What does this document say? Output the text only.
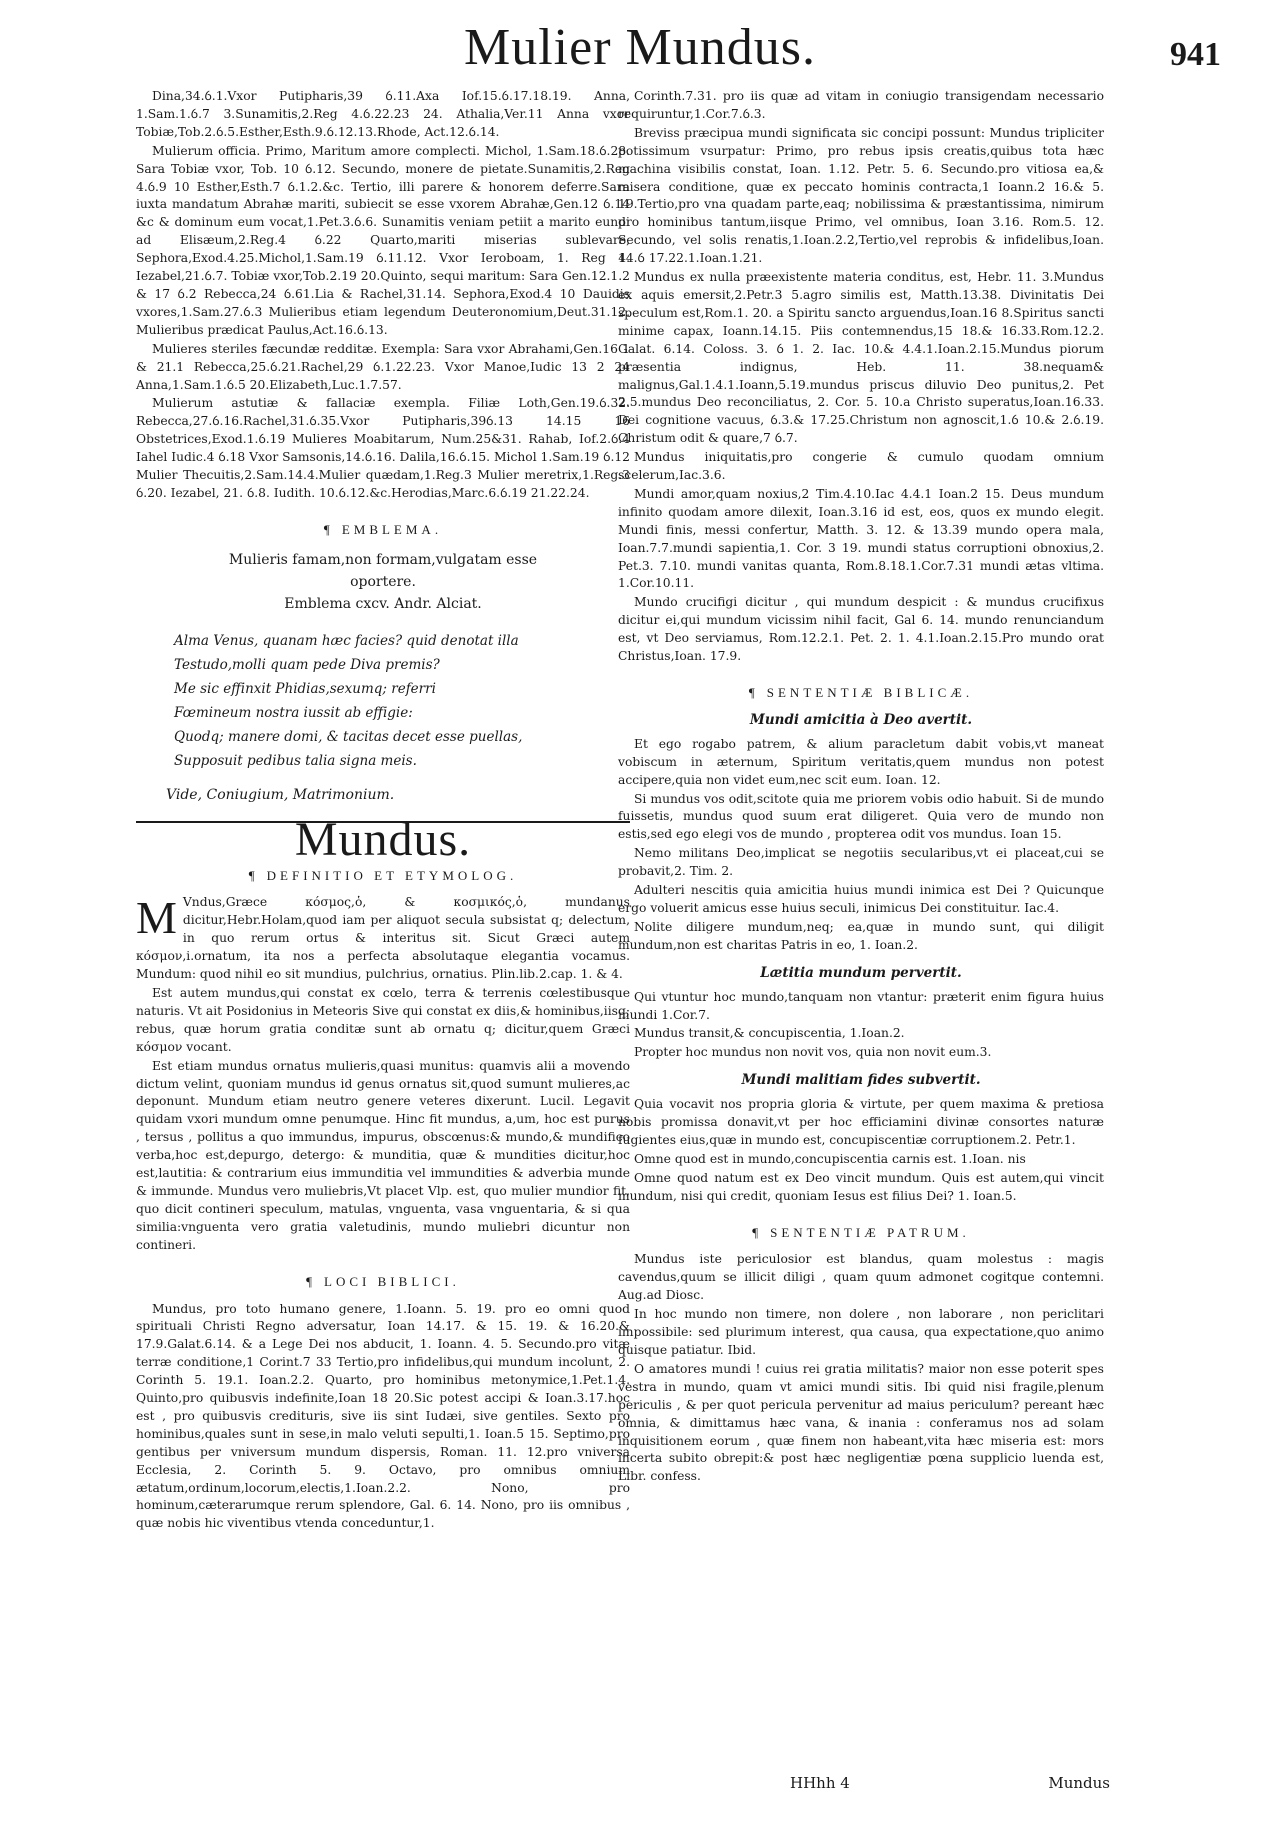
Mulier Mundus.	941

Dina,34.ỽ.1.Vxor Putipharis,39 ỽ.11.Axa Iof.15.ỽ.17.18.19. Anna, 1.Sam.1.ỽ.7 3.Sunamitis,2.Reg 4.ỽ.22.23 24. Athalia,Ver.11 Anna vxor Tobiæ,Tob.2.ỽ.5.Esther,Esth.9.ỽ.12.13.Rhode, Act.12.ỽ.14.

Mulierum officia. Primo, Maritum amore complecti. Michol, 1.Sam.18.ỽ.28. Sara Tobiæ vxor, Tob. 10 ỽ.12. Secundo, monere de pietate.Sunamitis,2.Reg 4.ỽ.9 10 Esther,Esth.7 ỽ.1.2.&c. Tertio, illi parere & honorem deferre.Sara iuxta mandatum Abrahæ mariti, subiecit se esse vxorem Abrahæ,Gen.12 ỽ.14 &c & dominum eum vocat,1.Pet.3.ỽ.6. Sunamitis veniam petiit a marito eundi ad Elisæum,2.Reg.4 ỽ.22 Quarto,mariti miserias sublevare, Sephora,Exod.4.25.Michol,1.Sam.19 ỽ.11.12. Vxor Ieroboam, 1. Reg 4. Iezabel,21.ỽ.7. Tobiæ vxor,Tob.2.19 20.Quinto, sequi maritum: Sara Gen.12.1.2 & 17 ỽ.2 Rebecca,24 ỽ.61.Lia & Rachel,31.14. Sephora,Exod.4 10 Dauidis vxores,1.Sam.27.ỽ.3 Mulieribus etiam legendum Deuteronomium,Deut.31.12. Mulieribus prædicat Paulus,Act.16.ỽ.13.

Mulieres steriles fæcundæ redditæ. Exempla: Sara vxor Abrahami,Gen.16 1 & 21.1 Rebecca,25.ỽ.21.Rachel,29 ỽ.1.22.23. Vxor Manoe,Iudic 13 2 24 Anna,1.Sam.1.ỽ.5 20.Elizabeth,Luc.1.7.57.

Mulierum astutiæ & fallaciæ exempla. Filiæ Loth,Gen.19.ỽ.32. Rebecca,27.ỽ.16.Rachel,31.ỽ.35.Vxor Putipharis,39ỽ.13 14.15 16 Obstetrices,Exod.1.ỽ.19 Mulieres Moabitarum, Num.25&31. Rahab, Iof.2.ỽ.4 Iahel Iudic.4 ỽ.18 Vxor Samsonis,14.ỽ.16. Dalila,16.ỽ.15. Michol 1.Sam.19 ỽ.12 Mulier Thecuitis,2.Sam.14.4.Mulier quædam,1.Reg.3 Mulier meretrix,1.Reg.3 ỽ.20. Iezabel, 21. ỽ.8. Iudith. 10.ỽ.12.&c.Herodias,Marc.6.ỽ.19 21.22.24.

¶ EMBLEMA.
Mulieris famam,non formam,vulgatam esse
oportere.
Emblema cxcv. Andr. Alciat.
Alma Venus, quanam hæc facies? quid denotat illa
Testudo,molli quam pede Diva premis?
Me sic effinxit Phidias,sexumq; referri
Fœmineum nostra iussit ab effigie:
Quodq; manere domi, & tacitas decet esse puellas,
Supposuit pedibus talia signa meis.
Vide, Coniugium, Matrimonium.
Mundus.
¶ DEFINITIO ET ETYMOLOG.

M Vndus,Græce κόσμος,ὁ, & κοσμικός,ὁ, mundanus dicitur,Hebr.Holam,quod iam per aliquot secula subsistat q; delectum, in quo rerum ortus & interitus sit. Sicut Græci autem κόσμον,i.ornatum, ita nos a perfecta absolutaque elegantia vocamus. Mundum: quod nihil eo sit mundius, pulchrius, ornatius. Plin.lib.2.cap. 1. & 4.

Est autem mundus,qui constat ex cœlo, terra & terrenis cœlestibusque naturis. Vt ait Posidonius in Meteoris Sive qui constat ex diis,& hominibus,iisq; rebus, quæ horum gratia conditæ sunt ab ornatu q; dicitur,quem Græci κόσμον vocant.

Est etiam mundus ornatus mulieris,quasi munitus: quamvis alii a movendo dictum velint, quoniam mundus id genus ornatus sit,quod sumunt mulieres,ac deponunt. Mundum etiam neutro genere veteres dixerunt. Lucil. Legavit quidam vxori mundum omne penumque. Hinc fit mundus, a,um, hoc est purus , tersus , pollitus a quo immundus, impurus, obscœnus:& mundo,& mundifico verba,hoc est,depurgo, detergo: & munditia, quæ & mundities dicitur,hoc est,lautitia: & contrarium eius immunditia vel immundities & adverbia munde & immunde. Mundus vero muliebris,Vt placet Vlp. est, quo mulier mundior fit, quo dicit contineri speculum, matulas, vnguenta, vasa vnguentaria, & si qua similia:vnguenta vero gratia valetudinis, mundo muliebri dicuntur non contineri.

¶ LOCI BIBLICI.

Mundus, pro toto humano genere, 1.Ioann. 5. 19. pro eo omni quod spirituali Christi Regno adversatur, Ioan 14.17. & 15. 19. & 16.20.& 17.9.Galat.6.14. & a Lege Dei nos abducit, 1. Ioann. 4. 5. Secundo.pro vitæ terræ conditione,1 Corint.7 33 Tertio,pro infidelibus,qui mundum incolunt, 2. Corinth 5. 19.1. Ioan.2.2. Quarto, pro hominibus metonymice,1.Pet.1.4. Quinto,pro quibusvis indefinite,Ioan 18 20.Sic potest accipi & Ioan.3.17.hoc est , pro quibusvis credituris, sive iis sint Iudæi, sive gentiles. Sexto pro hominibus,quales sunt in sese,in malo veluti sepulti,1. Ioan.5 15. Septimo,pro gentibus per vniversum mundum dispersis, Roman. 11. 12.pro vniversa Ecclesia, 2. Corinth 5. 9. Octavo, pro omnibus omnium ætatum,ordinum,locorum,electis,1.Ioan.2.2. Nono, pro hominum,cæterarumque rerum splendore, Gal. 6. 14. Nono, pro iis omnibus , quæ nobis hic viventibus vtenda conceduntur,1.

Corinth.7.31. pro iis quæ ad vitam in coniugio transigendam necessario requiruntur,1.Cor.7.ỽ.3.

Breviss præcipua mundi significata sic concipi possunt: Mundus tripliciter potissimum vsurpatur: Primo, pro rebus ipsis creatis,quibus tota hæc machina visibilis constat, Ioan. 1.12. Petr. 5. 6. Secundo.pro vitiosa ea,& misera conditione, quæ ex peccato hominis contracta,1 Ioann.2 16.& 5. 19.Tertio,pro vna quadam parte,eaq; nobilissima & præstantissima, nimirum pro hominibus tantum,iisque Primo, vel omnibus, Ioan 3.16. Rom.5. 12. Secundo, vel solis renatis,1.Ioan.2.2,Tertio,vel reprobis & infidelibus,Ioan. 14.ỽ 17.22.1.Ioan.1.21.

Mundus ex nulla præexistente materia conditus, est, Hebr. 11. 3.Mundus ex aquis emersit,2.Petr.3 5.agro similis est, Matth.13.38. Divinitatis Dei speculum est,Rom.1. 20. a Spiritu sancto arguendus,Ioan.16 8.Spiritus sancti minime capax, Ioann.14.15. Piis contemnendus,15 18.& 16.33.Rom.12.2. Galat. 6.14. Coloss. 3. ỽ 1. 2. Iac. 10.& 4.4.1.Ioan.2.15.Mundus piorum præsentia indignus, Heb. 11. 38.nequam& malignus,Gal.1.4.1.Ioann,5.19.mundus priscus diluvio Deo punitus,2. Pet 2.5.mundus Deo reconciliatus, 2. Cor. 5. 10.a Christo superatus,Ioan.16.33. Dei cognitione vacuus, ỽ.3.& 17.25.Christum non agnoscit,1.ỽ 10.& 2.ỽ.19. Christum odit & quare,7 ỽ.7.

Mundus iniquitatis,pro congerie & cumulo quodam omnium scelerum,Iac.3.6.

Mundi amor,quam noxius,2 Tim.4.10.Iac 4.4.1 Ioan.2 15. Deus mundum infinito quodam amore dilexit, Ioan.3.16 id est, eos, quos ex mundo elegit. Mundi finis, messi confertur, Matth. 3. 12. & 13.39 mundo opera mala, Ioan.7.7.mundi sapientia,1. Cor. 3 19. mundi status corruptioni obnoxius,2. Pet.3. 7.10. mundi vanitas quanta, Rom.8.18.1.Cor.7.31 mundi ætas vltima. 1.Cor.10.11.

Mundo crucifigi dicitur , qui mundum despicit : & mundus crucifixus dicitur ei,qui mundum vicissim nihil facit, Gal 6. 14. mundo renunciandum est, vt Deo serviamus, Rom.12.2.1. Pet. 2. 1. 4.1.Ioan.2.15.Pro mundo orat Christus,Ioan. 17.9.

¶ SENTENTIÆ BIBLICÆ.
Mundi amicitia à Deo avertit.

Et ego rogabo patrem, & alium paracletum dabit vobis,vt maneat vobiscum in æternum, Spiritum veritatis,quem mundus non potest accipere,quia non videt eum,nec scit eum. Ioan. 12.

Si mundus vos odit,scitote quia me priorem vobis odio habuit. Si de mundo fuissetis, mundus quod suum erat diligeret. Quia vero de mundo non estis,sed ego elegi vos de mundo , propterea odit vos mundus. Ioan 15.

Nemo militans Deo,implicat se negotiis secularibus,vt ei placeat,cui se probavit,2. Tim. 2.

Adulteri nescitis quia amicitia huius mundi inimica est Dei ? Quicunque ergo voluerit amicus esse huius seculi, inimicus Dei constituitur. Iac.4.

Nolite diligere mundum,neq; ea,quæ in mundo sunt, qui diligit mundum,non est charitas Patris in eo, 1. Ioan.2.

Lætitia mundum pervertit.

Qui vtuntur hoc mundo,tanquam non vtantur: præterit enim figura huius mundi 1.Cor.7.

Mundus transit,& concupiscentia, 1.Ioan.2.

Propter hoc mundus non novit vos, quia non novit eum.3.

Mundi malitiam fides subvertit.

Quia vocavit nos propria gloria & virtute, per quem maxima & pretiosa nobis promissa donavit,vt per hoc efficiamini divinæ consortes naturæ fugientes eius,quæ in mundo est, concupiscentiæ corruptionem.2. Petr.1.

Omne quod est in mundo,concupiscentia carnis est. 1.Ioan. nis

Omne quod natum est ex Deo vincit mundum. Quis est autem,qui vincit mundum, nisi qui credit, quoniam Iesus est filius Dei? 1. Ioan.5.

¶ SENTENTIÆ PATRUM.

Mundus iste periculosior est blandus, quam molestus : magis cavendus,quum se illicit diligi , quam quum admonet cogitque contemni. Aug.ad Diosc.

In hoc mundo non timere, non dolere , non laborare , non periclitari impossibile: sed plurimum interest, qua causa, qua expectatione,quo animo quisque patiatur. Ibid.

O amatores mundi ! cuius rei gratia militatis? maior non esse poterit spes vestra in mundo, quam vt amici mundi sitis. Ibi quid nisi fragile,plenum periculis , & per quot pericula pervenitur ad maius periculum? pereant hæc omnia, & dimittamus hæc vana, & inania : conferamus nos ad solam inquisitionem eorum , quæ finem non habeant,vita hæc miseria est: mors incerta subito obrepit:& post hæc negligentiæ pœna supplicio luenda est, Libr. confess.

HHhh 4	Mundus
